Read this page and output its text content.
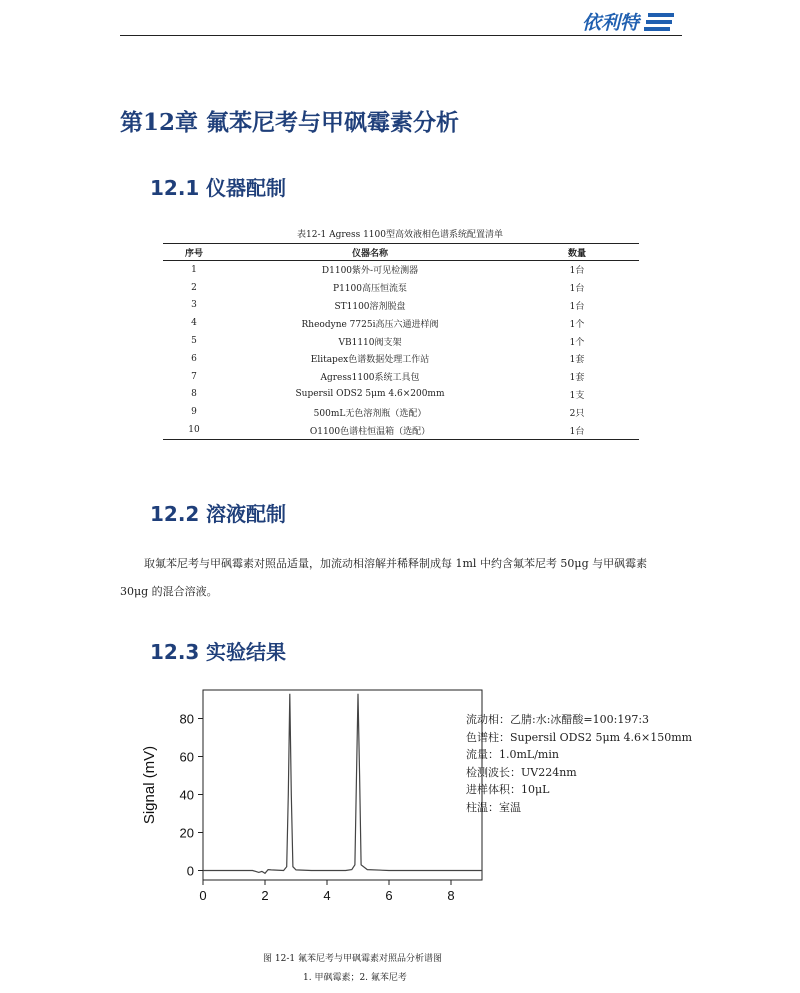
依利特
第12章 氟苯尼考与甲砜霉素分析
12.1 仪器配制
表12-1 Agress 1100型高效液相色谱系统配置清单
序号	仪器名称	数量
1	D1100紫外-可见检测器	1台
2	P1100高压恒流泵	1台
3	ST1100溶剂脱盘	1台
4	Rheodyne 7725i高压六通进样阀	1个
5	VB1110阀支架	1个
6	Elitapex色谱数据处理工作站	1套
7	Agress1100系统工具包	1套
8	Supersil ODS2 5μm 4.6×200mm	1支
9	500mL无色溶剂瓶（选配）	2只
10	O1100色谱柱恒温箱（选配）	1台
12.2 溶液配制
取氟苯尼考与甲砜霉素对照品适量，加流动相溶解并稀释制成每 1ml 中约含氟苯尼考 50μg 与甲砜霉素
30μg 的混合溶液。
12.3 实验结果
0	2	4	6	8
0
20
40
60
80
Signal (mV)
流动相：乙腈:水:冰醋酸=100:197:3
色谱柱：Supersil ODS2 5μm 4.6×150mm
流量：1.0mL/min
检测波长：UV224nm
进样体积：10μL
柱温：室温
图 12-1 氟苯尼考与甲砜霉素对照品分析谱图
1. 甲砜霉素；2. 氟苯尼考
